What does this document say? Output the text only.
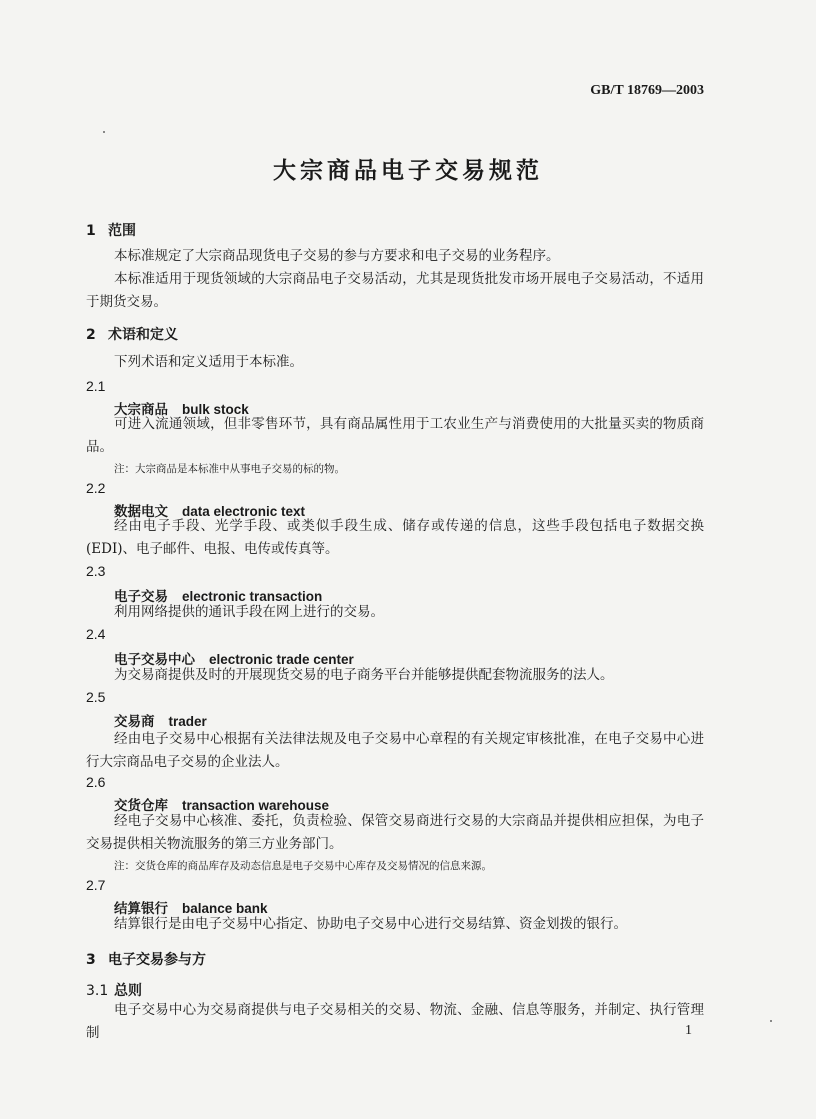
GB/T 18769—2003
大宗商品电子交易规范
1 范围
本标准规定了大宗商品现货电子交易的参与方要求和电子交易的业务程序。
本标准适用于现货领域的大宗商品电子交易活动，尤其是现货批发市场开展电子交易活动，不适用于期货交易。
2 术语和定义
下列术语和定义适用于本标准。
2.1
大宗商品 bulk stock
可进入流通领域，但非零售环节，具有商品属性用于工农业生产与消费使用的大批量买卖的物质商品。
注：大宗商品是本标准中从事电子交易的标的物。
2.2
数据电文 data electronic text
经由电子手段、光学手段、或类似手段生成、储存或传递的信息，这些手段包括电子数据交换(EDI)、电子邮件、电报、电传或传真等。
2.3
电子交易 electronic transaction
利用网络提供的通讯手段在网上进行的交易。
2.4
电子交易中心 electronic trade center
为交易商提供及时的开展现货交易的电子商务平台并能够提供配套物流服务的法人。
2.5
交易商 trader
经由电子交易中心根据有关法律法规及电子交易中心章程的有关规定审核批准，在电子交易中心进行大宗商品电子交易的企业法人。
2.6
交货仓库 transaction warehouse
经电子交易中心核准、委托，负责检验、保管交易商进行交易的大宗商品并提供相应担保，为电子交易提供相关物流服务的第三方业务部门。
注：交货仓库的商品库存及动态信息是电子交易中心库存及交易情况的信息来源。
2.7
结算银行 balance bank
结算银行是由电子交易中心指定、协助电子交易中心进行交易结算、资金划拨的银行。
3 电子交易参与方
3.1 总则
电子交易中心为交易商提供与电子交易相关的交易、物流、金融、信息等服务，并制定、执行管理制	1
